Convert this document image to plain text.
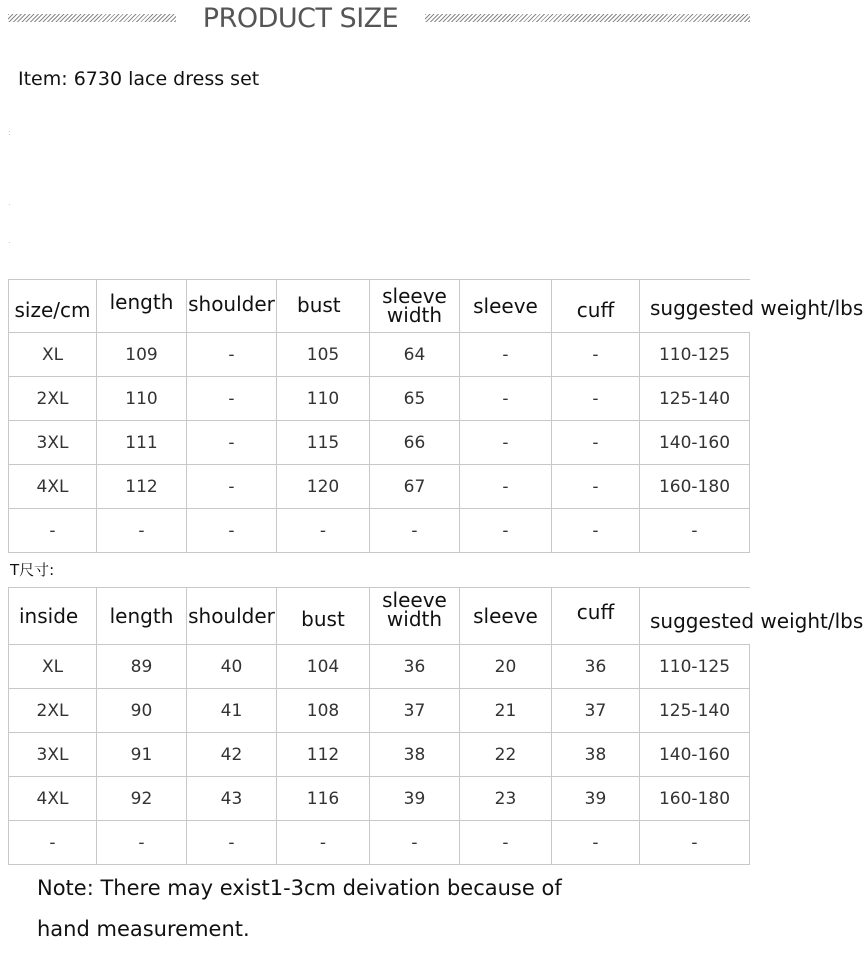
PRODUCT SIZE
Item: 6730 lace dress set
:
.
.
size/cm	length	shoulder	bust	sleeve width	sleeve	cuff	suggested weight/lbs
XL	109	-	105	64	-	-	110-125
2XL	110	-	110	65	-	-	125-140
3XL	111	-	115	66	-	-	140-160
4XL	112	-	120	67	-	-	160-180
-	-	-	-	-	-	-	-
T尺寸:
inside	length	shoulder	bust	sleeve width	sleeve	cuff	suggested weight/lbs
XL	89	40	104	36	20	36	110-125
2XL	90	41	108	37	21	37	125-140
3XL	91	42	112	38	22	38	140-160
4XL	92	43	116	39	23	39	160-180
-	-	-	-	-	-	-	-
Note: There may exist1-3cm deivation because of
hand measurement.
